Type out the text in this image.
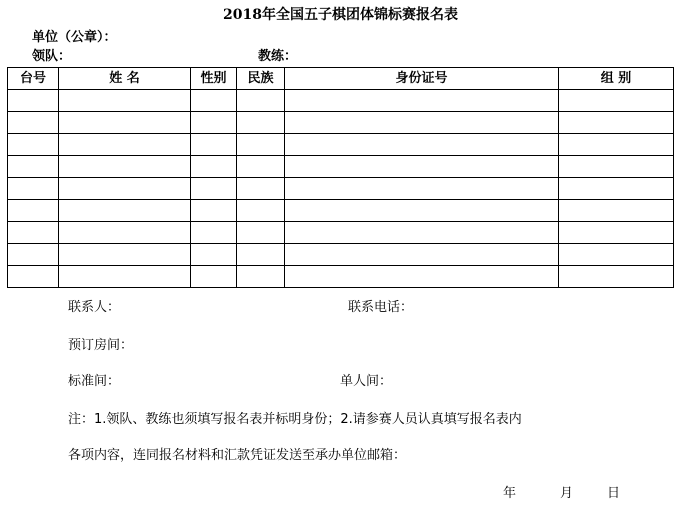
2018年全国五子棋团体锦标赛报名表
单位（公章）：
领队：	教练：
台号	姓 名	性别	民族	身份证号	组 别

联系人：	联系电话：
预订房间：
标准间：	单人间：
注：1.领队、教练也须填写报名表并标明身份；2.请参赛人员认真填写报名表内
各项内容，连同报名材料和汇款凭证发送至承办单位邮箱：
年	月	日
